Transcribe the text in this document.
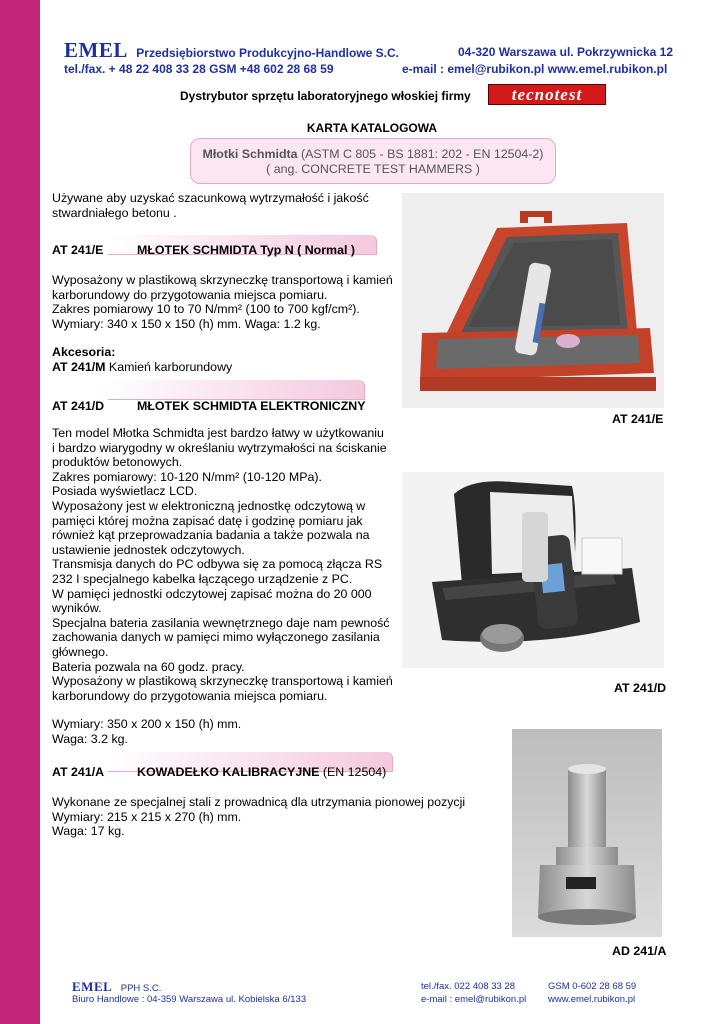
EMEL Przedsiębiorstwo Produkcyjno-Handlowe S.C.	04-320 Warszawa ul. Pokrzywnicka 12
tel./fax. + 48 22 408 33 28 GSM +48 602 28 68 59	e-mail : emel@rubikon.pl www.emel.rubikon.pl
Dystrybutor sprzętu laboratoryjnego włoskiej firmy	tecnotest
KARTA KATALOGOWA
Młotki Schmidta (ASTM C 805 - BS 1881: 202 - EN 12504-2)
( ang. CONCRETE TEST HAMMERS )
Używane aby uzyskać szacunkową wytrzymałość i jakość
stwardniałego betonu .
AT 241/E	MŁOTEK SCHMIDTA Typ N ( Normal )
Wyposażony w plastikową skrzyneczkę transportową i kamień
karborundowy do przygotowania miejsca pomiaru.
Zakres pomiarowy 10 to 70 N/mm² (100 to 700 kgf/cm²).
Wymiary: 340 x 150 x 150 (h) mm. Waga: 1.2 kg.
Akcesoria:
AT 241/M Kamień karborundowy
AT 241/E
AT 241/D	MŁOTEK SCHMIDTA ELEKTRONICZNY
Ten model Młotka Schmidta jest bardzo łatwy w użytkowaniu
i bardzo wiarygodny w określaniu wytrzymałości na ściskanie
produktów betonowych.
Zakres pomiarowy: 10-120 N/mm² (10-120 MPa).
Posiada wyświetlacz LCD.
Wyposażony jest w elektroniczną jednostkę odczytową w
pamięci której można zapisać datę i godzinę pomiaru jak
również kąt przeprowadzania badania a także pozwala na
ustawienie jednostek odczytowych.
Transmisja danych do PC odbywa się za pomocą złącza RS
232 I specjalnego kabelka łączącego urządzenie z PC.
W pamięci jednostki odczytowej zapisać można do 20 000
wyników.
Specjalna bateria zasilania wewnętrznego daje nam pewność
zachowania danych w pamięci mimo wyłączonego zasilania
głównego.
Bateria pozwala na 60 godz. pracy.
Wyposażony w plastikową skrzyneczkę transportową i kamień
karborundowy do przygotowania miejsca pomiaru.
Wymiary: 350 x 200 x 150 (h) mm.
Waga: 3.2 kg.
AT 241/D
AT 241/A	KOWADEŁKO KALIBRACYJNE (EN 12504)
Wykonane ze specjalnej stali z prowadnicą dla utrzymania pionowej pozycji
Wymiary: 215 x 215 x 270 (h) mm.
Waga: 17 kg.
AD 241/A
EMEL PPH S.C.
Biuro Handlowe : 04-359 Warszawa ul. Kobielska 6/133
tel./fax. 022 408 33 28	GSM 0-602 28 68 59
e-mail : emel@rubikon.pl www.emel.rubikon.pl
